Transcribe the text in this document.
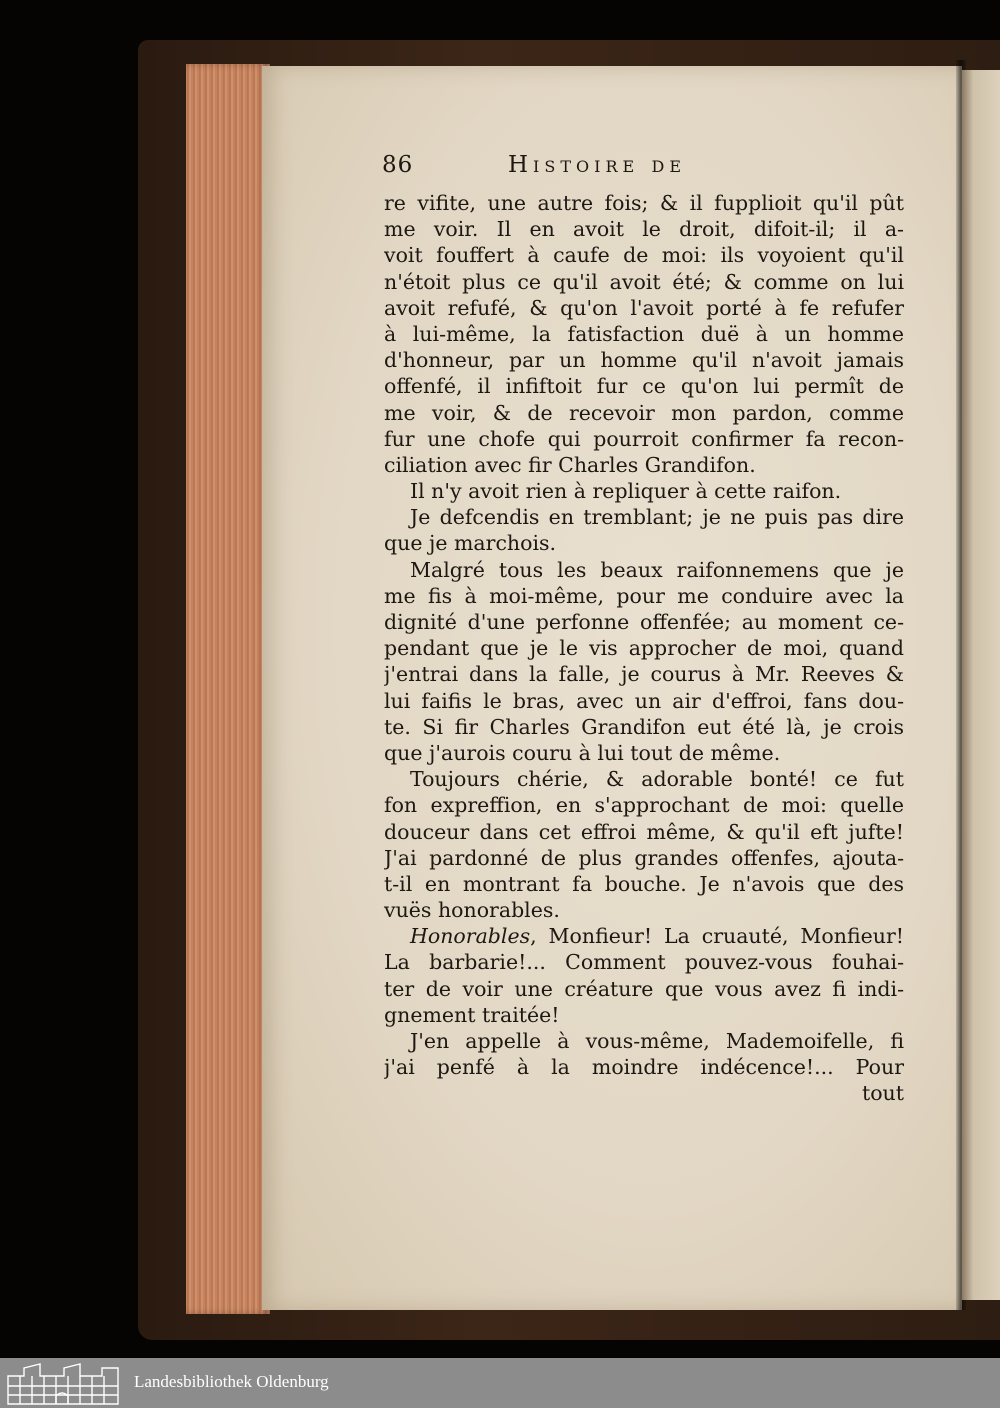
86	Histoire de
re vifite, une autre fois; & il fupplioit qu'il pût
me voir. Il en avoit le droit, difoit-il; il a-
voit fouffert à caufe de moi: ils voyoient qu'il
n'étoit plus ce qu'il avoit été; & comme on lui
avoit refufé, & qu'on l'avoit porté à fe refufer
à lui-même, la fatisfaction duë à un homme
d'honneur, par un homme qu'il n'avoit jamais
offenfé, il infiftoit fur ce qu'on lui permît de
me voir, & de recevoir mon pardon, comme
fur une chofe qui pourroit confirmer fa recon-
ciliation avec fir Charles Grandifon.
Il n'y avoit rien à repliquer à cette raifon.
Je defcendis en tremblant; je ne puis pas dire
que je marchois.
Malgré tous les beaux raifonnemens que je
me fis à moi-même, pour me conduire avec la
dignité d'une perfonne offenfée; au moment ce-
pendant que je le vis approcher de moi, quand
j'entrai dans la falle, je courus à Mr. Reeves &
lui faifis le bras, avec un air d'effroi, fans dou-
te. Si fir Charles Grandifon eut été là, je crois
que j'aurois couru à lui tout de même.
Toujours chérie, & adorable bonté! ce fut
fon expreffion, en s'approchant de moi: quelle
douceur dans cet effroi même, & qu'il eft jufte!
J'ai pardonné de plus grandes offenfes, ajouta-
t-il en montrant fa bouche. Je n'avois que des
vuës honorables.
Honorables, Monfieur! La cruauté, Monfieur!
La barbarie!... Comment pouvez-vous fouhai-
ter de voir une créature que vous avez fi indi-
gnement traitée!
J'en appelle à vous-même, Mademoifelle, fi
j'ai penfé à la moindre indécence!... Pour
tout
Landesbibliothek Oldenburg
